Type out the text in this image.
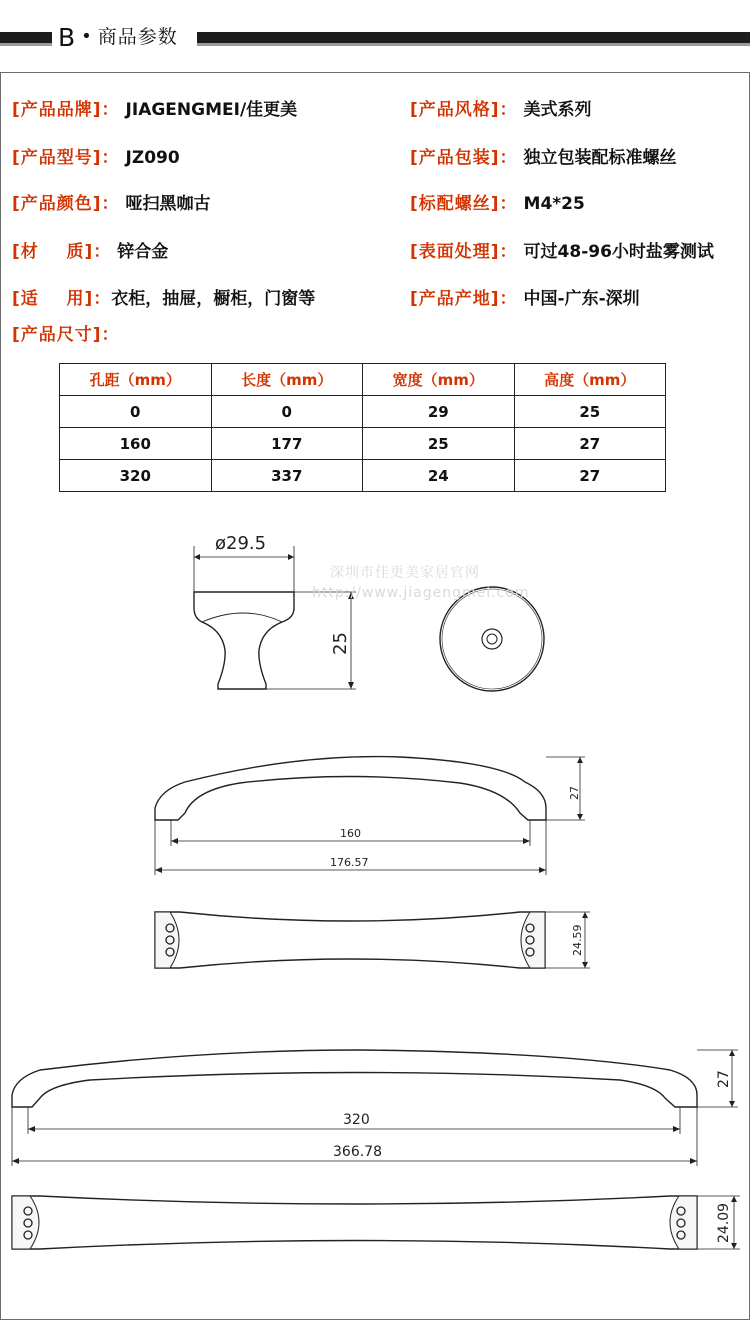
B • 商品参数
[产品品牌]： JIAGENGMEI/佳更美	[产品风格]： 美式系列
[产品型号]： JZ090	[产品包装]： 独立包装配标准螺丝
[产品颜色]： 哑扫黑咖古	[标配螺丝]： M4*25
[材    质]： 锌合金	[表面处理]： 可过48-96小时盐雾测试
[适    用]： 衣柜，抽屉，橱柜，门窗等	[产品产地]： 中国-广东-深圳
[产品尺寸]：
孔距（mm）	长度（mm）	宽度（mm）	高度（mm）
0	0	29	25
160	177	25	27
320	337	24	27
ø29.5
25
27
160
176.57
24.59
27
320
366.78
24.09
深圳市佳更美家居官网
http://www.jiagengmei.com
